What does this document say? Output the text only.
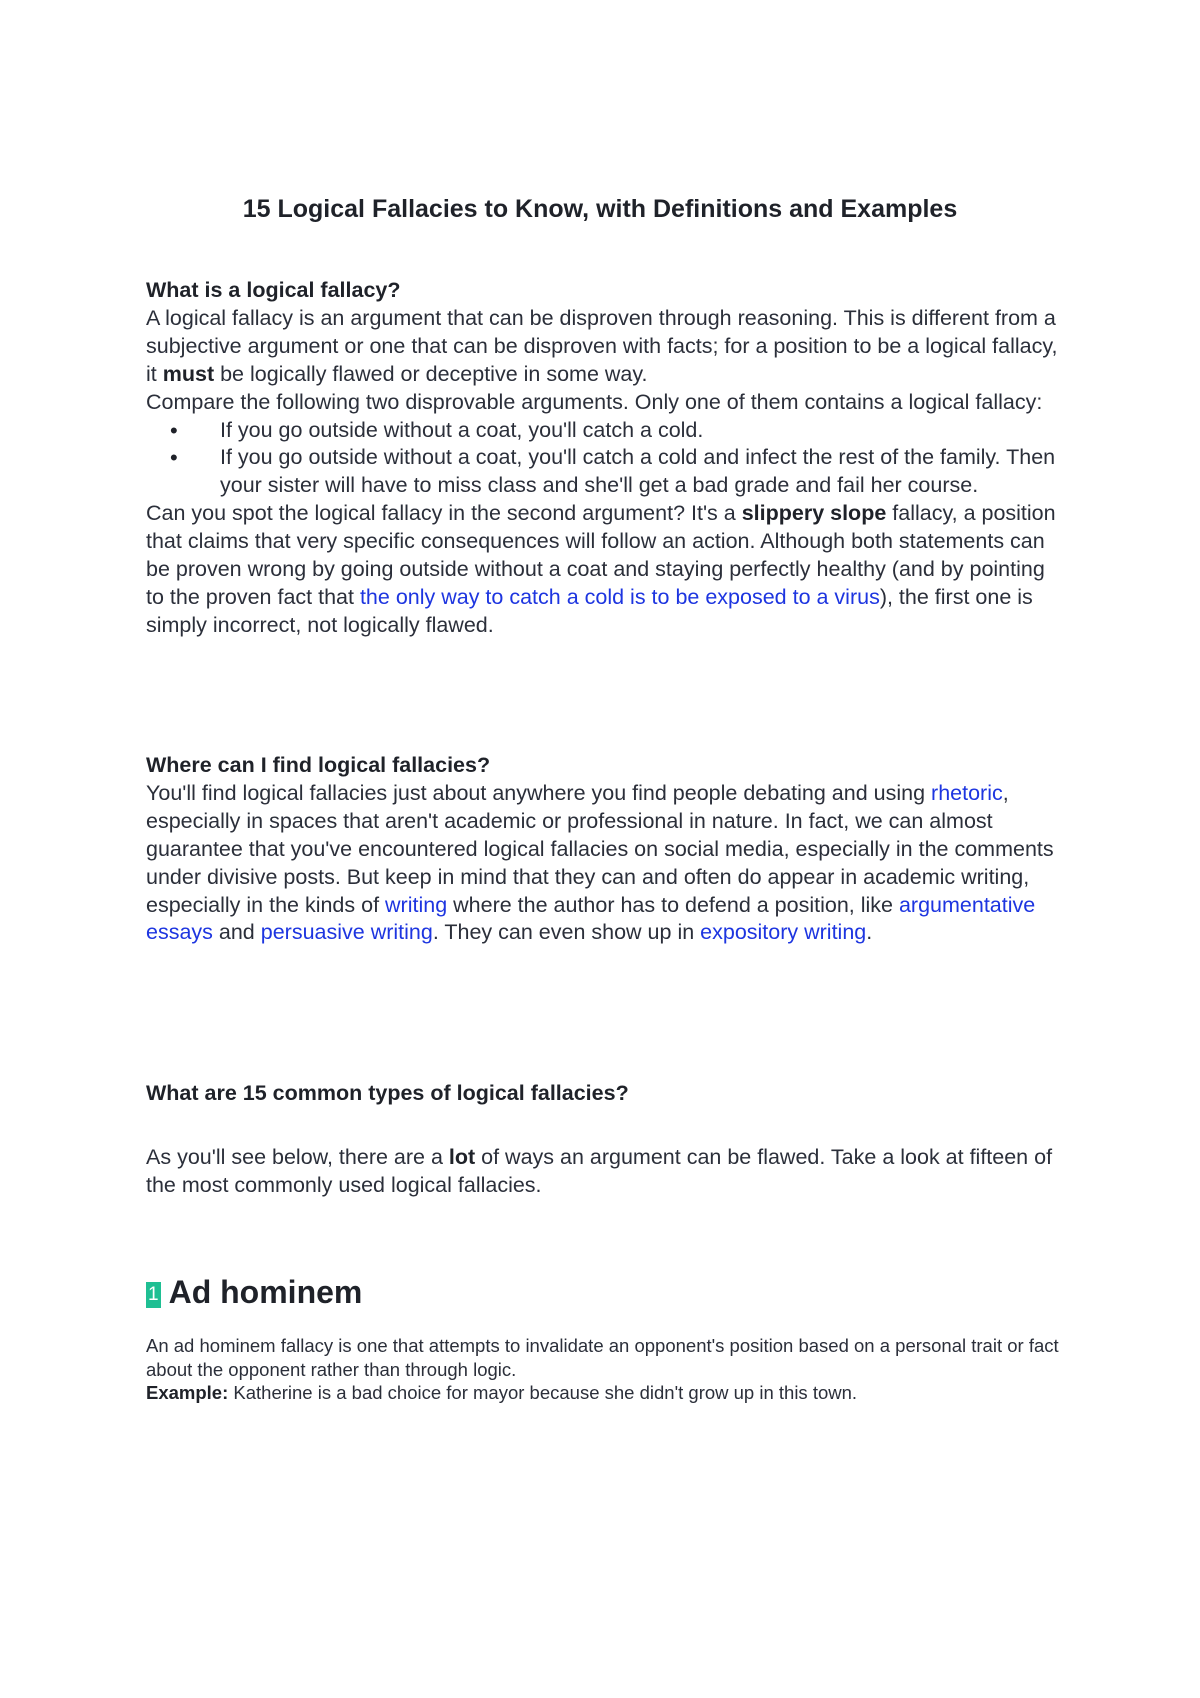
15 Logical Fallacies to Know, with Definitions and Examples

What is a logical fallacy?

A logical fallacy is an argument that can be disproven through reasoning. This is different from a subjective argument or one that can be disproven with facts; for a position to be a logical fallacy, it must be logically flawed or deceptive in some way.

Compare the following two disprovable arguments. Only one of them contains a logical fallacy:

• If you go outside without a coat, you'll catch a cold.
• If you go outside without a coat, you'll catch a cold and infect the rest of the family. Then your sister will have to miss class and she'll get a bad grade and fail her course.

Can you spot the logical fallacy in the second argument? It's a slippery slope fallacy, a position that claims that very specific consequences will follow an action. Although both statements can be proven wrong by going outside without a coat and staying perfectly healthy (and by pointing to the proven fact that the only way to catch a cold is to be exposed to a virus), the first one is simply incorrect, not logically flawed.

Where can I find logical fallacies?

You'll find logical fallacies just about anywhere you find people debating and using rhetoric, especially in spaces that aren't academic or professional in nature. In fact, we can almost guarantee that you've encountered logical fallacies on social media, especially in the comments under divisive posts. But keep in mind that they can and often do appear in academic writing, especially in the kinds of writing where the author has to defend a position, like argumentative essays and persuasive writing. They can even show up in expository writing.

What are 15 common types of logical fallacies?

As you'll see below, there are a lot of ways an argument can be flawed. Take a look at fifteen of the most commonly used logical fallacies.

1 Ad hominem

An ad hominem fallacy is one that attempts to invalidate an opponent's position based on a personal trait or fact about the opponent rather than through logic.

Example: Katherine is a bad choice for mayor because she didn't grow up in this town.
